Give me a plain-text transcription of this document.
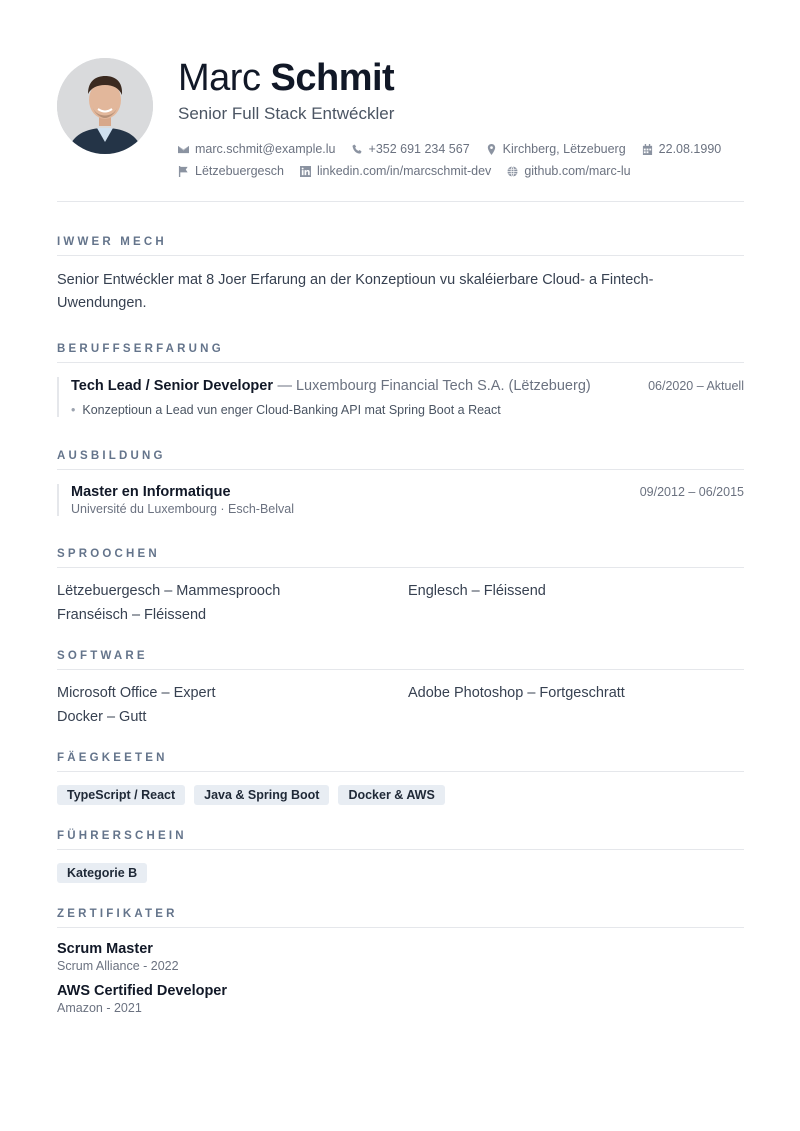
Marc Schmit
Senior Full Stack Entwéckler
marc.schmit@example.lu	+352 691 234 567	Kirchberg, Lëtzebuerg	22.08.1990
Lëtzebuergesch	linkedin.com/in/marcschmit-dev	github.com/marc-lu
IWWER MECH
Senior Entwéckler mat 8 Joer Erfarung an der Konzeptioun vu skaléierbare Cloud- a Fintech-Uwendungen.
BERUFFSERFARUNG
Tech Lead / Senior Developer — Luxembourg Financial Tech S.A. (Lëtzebuerg)	06/2020 – Aktuell
• Konzeptioun a Lead vun enger Cloud-Banking API mat Spring Boot a React
AUSBILDUNG
Master en Informatique	09/2012 – 06/2015
Université du Luxembourg · Esch-Belval
SPROOCHEN
Lëtzebuergesch – Mammesprooch	Englesch – Fléissend
Franséisch – Fléissend
SOFTWARE
Microsoft Office – Expert	Adobe Photoshop – Fortgeschratt
Docker – Gutt
FÄEGKEETEN
TypeScript / React	Java & Spring Boot	Docker & AWS
FÜHRERSCHEIN
Kategorie B
ZERTIFIKATER
Scrum Master
Scrum Alliance - 2022
AWS Certified Developer
Amazon - 2021
